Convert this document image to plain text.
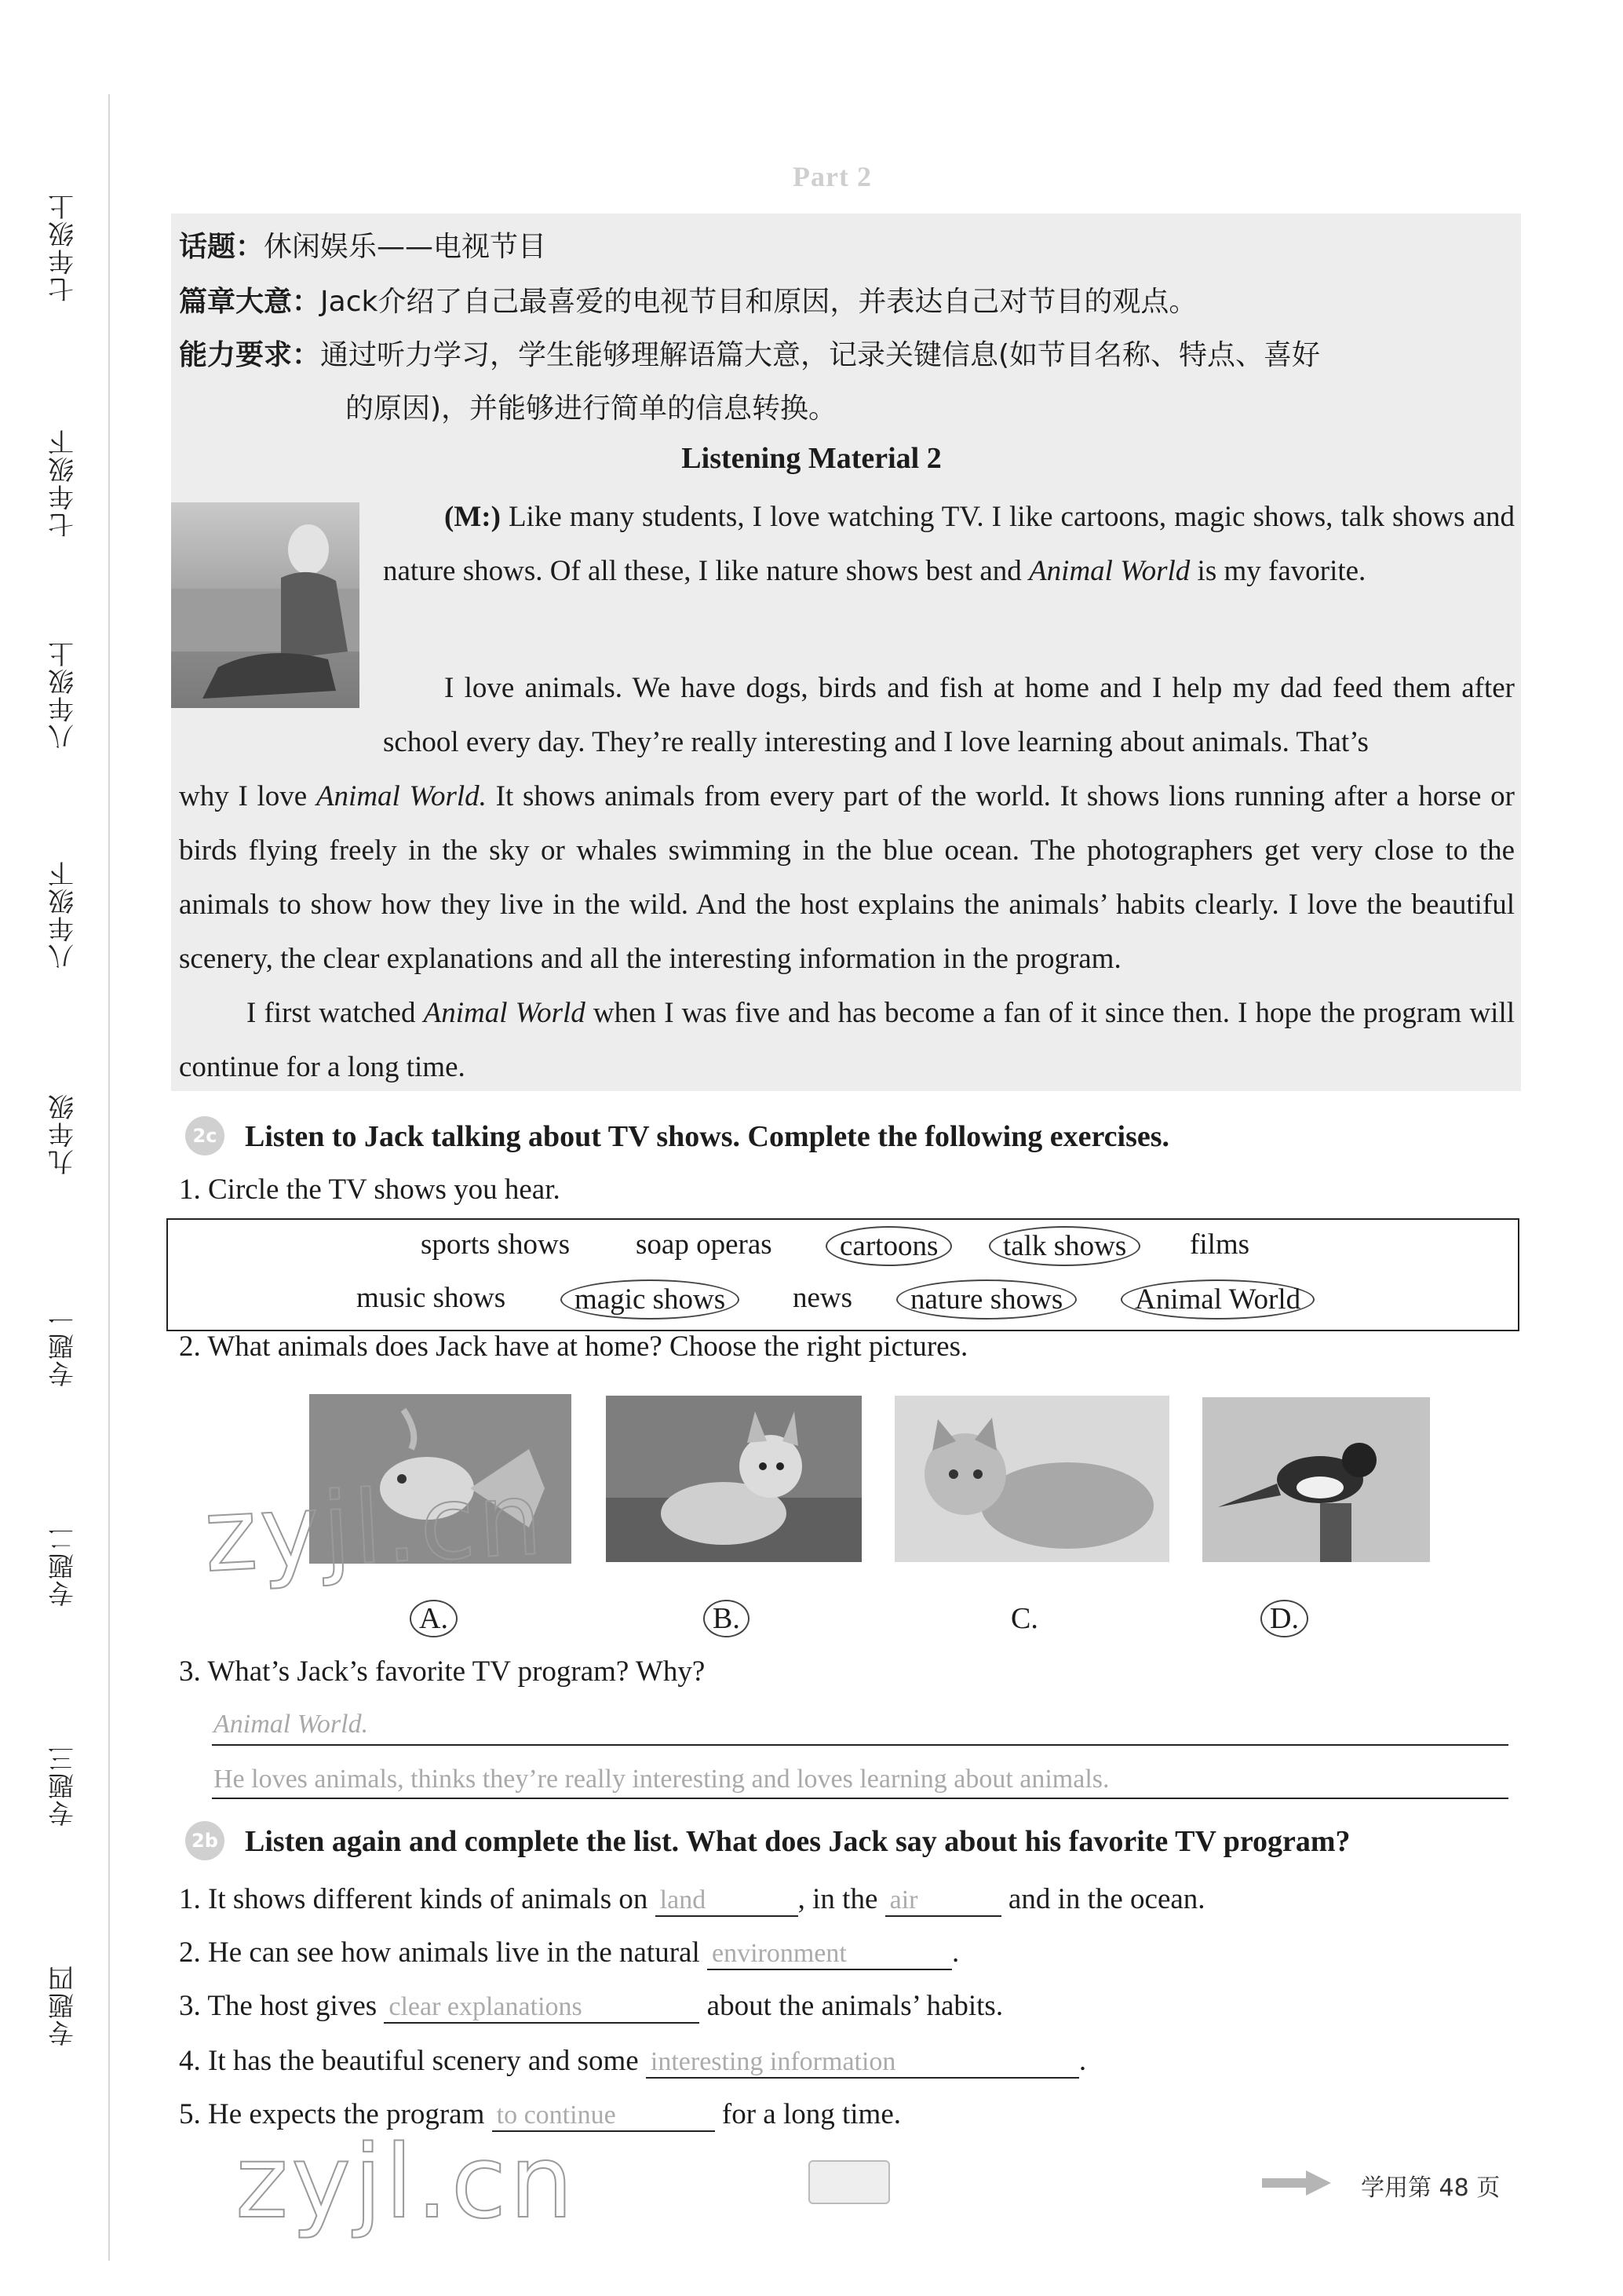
七年级上
七年级下
八年级上
八年级下
九年级
专题一
专题二
专题三
专题四
Part 2
话题：休闲娱乐——电视节目
篇章大意：Jack介绍了自己最喜爱的电视节目和原因，并表达自己对节目的观点。
能力要求：通过听力学习，学生能够理解语篇大意，记录关键信息(如节目名称、特点、喜好
的原因)，并能够进行简单的信息转换。
Listening Material 2
(M:) Like many students, I love watching TV. I like cartoons, magic shows, talk shows and nature shows. Of all these, I like nature shows best and Animal World is my favorite.
I love animals. We have dogs, birds and fish at home and I help my dad feed them after school every day. They’re really interesting and I love learning about animals. That’s
why I love Animal World. It shows animals from every part of the world. It shows lions running after a horse or birds flying freely in the sky or whales swimming in the blue ocean. The photographers get very close to the animals to show how they live in the wild. And the host explains the animals’ habits clearly. I love the beautiful scenery, the clear explanations and all the interesting information in the program.
I first watched Animal World when I was five and has become a fan of it since then. I hope the program will continue for a long time.
2c Listen to Jack talking about TV shows. Complete the following exercises.
1. Circle the TV shows you hear.
sports shows soap operas	cartoons	talk shows	films
music shows	magic shows	news	nature shows	Animal World
2. What animals does Jack have at home? Choose the right pictures.
A.	B.	C.	D.
3. What’s Jack’s favorite TV program? Why?
Animal World.
He loves animals, thinks they’re really interesting and loves learning about animals.
2b Listen again and complete the list. What does Jack say about his favorite TV program?
1. It shows different kinds of animals on land	, in the air	and in the ocean.
2. He can see how animals live in the natural environment	.
3. The host gives clear explanations	about the animals’ habits.
4. It has the beautiful scenery and some interesting information	.
5. He expects the program to continue	for a long time.
zyjl.cn
zyjl.cn	学用第 48 页
